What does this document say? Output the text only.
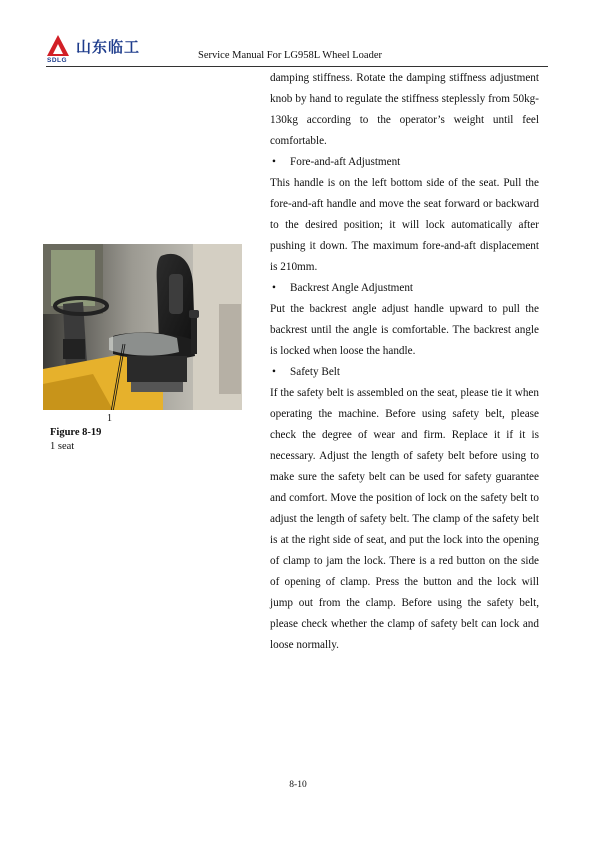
山东临工
SDLG	Service Manual For LG958L Wheel Loader
1
Figure 8-19
1 seat

damping stiffness. Rotate the damping stiffness adjustment knob by hand to regulate the stiffness steplessly from 50kg-130kg according to the operator’s weight until feel comfortable.

• Fore-and-aft Adjustment

This handle is on the left bottom side of the seat. Pull the fore-and-aft handle and move the seat forward or backward to the desired position; it will lock automatically after pushing it down. The maximum fore-and-aft displacement is 210mm.

• Backrest Angle Adjustment

Put the backrest angle adjust handle upward to pull the backrest until the angle is comfortable. The backrest angle is locked when loose the handle.

• Safety Belt

If the safety belt is assembled on the seat, please tie it when operating the machine. Before using safety belt, please check the degree of wear and firm. Replace it if it is necessary. Adjust the length of safety belt before using to make sure the safety belt can be used for safety guarantee and comfort. Move the position of lock on the safety belt to adjust the length of safety belt. The clamp of the safety belt is at the right side of seat, and put the lock into the opening of clamp to jam the lock. There is a red button on the side of opening of clamp. Press the button and the lock will jump out from the clamp. Before using the safety belt, please check whether the clamp of safety belt can lock and loose normally.

8-10
